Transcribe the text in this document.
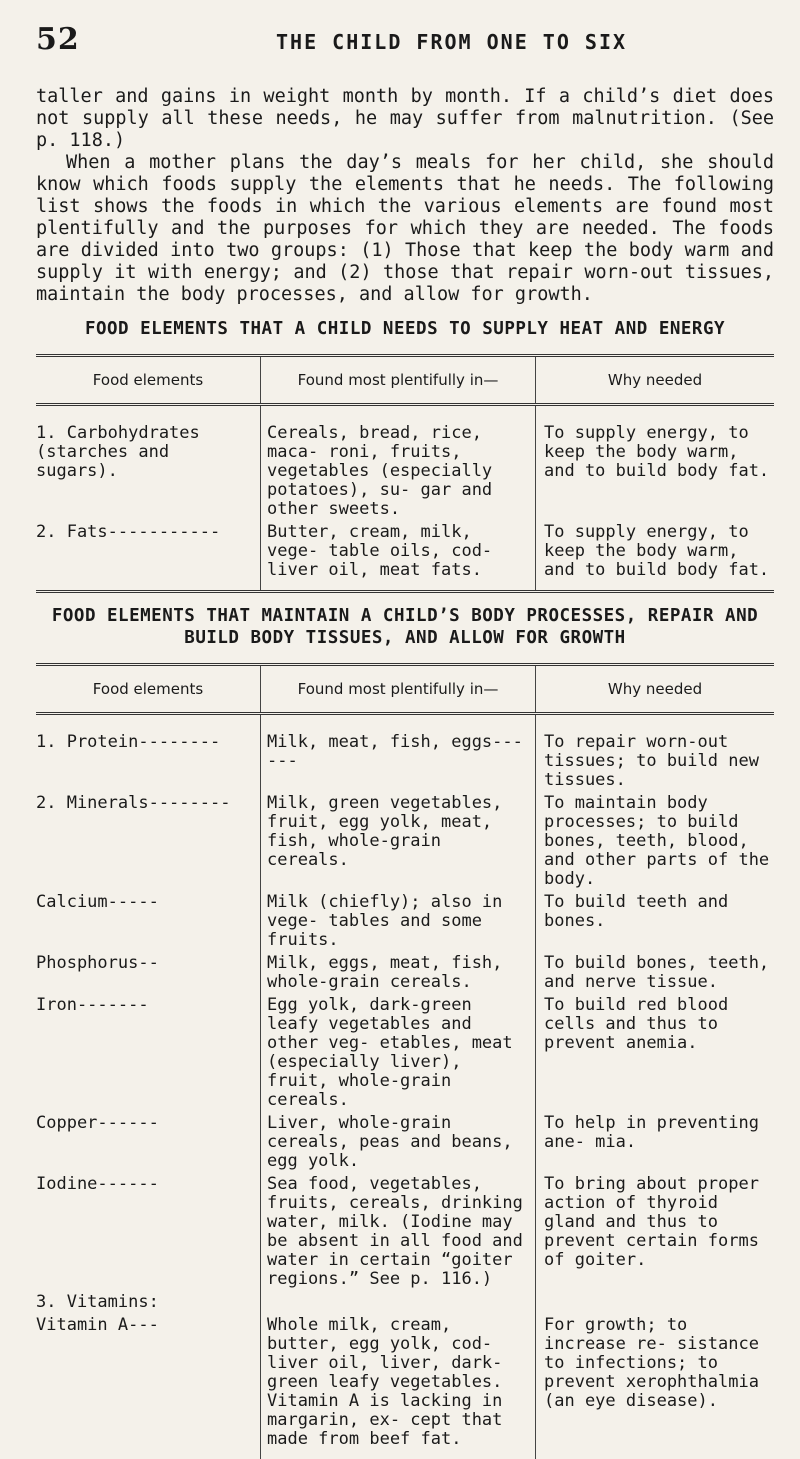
52	THE CHILD FROM ONE TO SIX

taller and gains in weight month by month. If a child’s diet does not supply all these needs, he may suffer from malnutrition. (See p. 118.)

When a mother plans the day’s meals for her child, she should know which foods supply the elements that he needs. The following list shows the foods in which the various elements are found most plentifully and the purposes for which they are needed. The foods are divided into two groups: (1) Those that keep the body warm and supply it with energy; and (2) those that repair worn-out tissues, maintain the body processes, and allow for growth.

FOOD ELEMENTS THAT A CHILD NEEDS TO SUPPLY HEAT AND ENERGY
Food elements	Found most plentifully in—	Why needed
1. Carbohydrates (starches and sugars).	Cereals, bread, rice, maca- roni, fruits, vegetables (especially potatoes), su- gar and other sweets.	To supply energy, to keep the body warm, and to build body fat.
2. Fats-----------	Butter, cream, milk, vege- table oils, cod-liver oil, meat fats.	To supply energy, to keep the body warm, and to build body fat.
FOOD ELEMENTS THAT MAINTAIN A CHILD’S BODY PROCESSES, REPAIR AND BUILD BODY TISSUES, AND ALLOW FOR GROWTH
Food elements	Found most plentifully in—	Why needed
1. Protein--------	Milk, meat, fish, eggs------	To repair worn-out tissues; to build new tissues.
2. Minerals--------	Milk, green vegetables, fruit, egg yolk, meat, fish, whole-grain cereals.	To maintain body processes; to build bones, teeth, blood, and other parts of the body.
Calcium-----	Milk (chiefly); also in vege- tables and some fruits.	To build teeth and bones.
Phosphorus--	Milk, eggs, meat, fish, whole-grain cereals.	To build bones, teeth, and nerve tissue.
Iron-------	Egg yolk, dark-green leafy vegetables and other veg- etables, meat (especially liver), fruit, whole-grain cereals.	To build red blood cells and thus to prevent anemia.
Copper------	Liver, whole-grain cereals, peas and beans, egg yolk.	To help in preventing ane- mia.
Iodine------	Sea food, vegetables, fruits, cereals, drinking water, milk. (Iodine may be absent in all food and water in certain “goiter regions.” See p. 116.)	To bring about proper action of thyroid gland and thus to prevent certain forms of goiter.
3. Vitamins:		
Vitamin A---	Whole milk, cream, butter, egg yolk, cod-liver oil, liver, dark-green leafy vegetables. Vitamin A is lacking in margarin, ex- cept that made from beef fat.	For growth; to increase re- sistance to infections; to prevent xerophthalmia (an eye disease).
